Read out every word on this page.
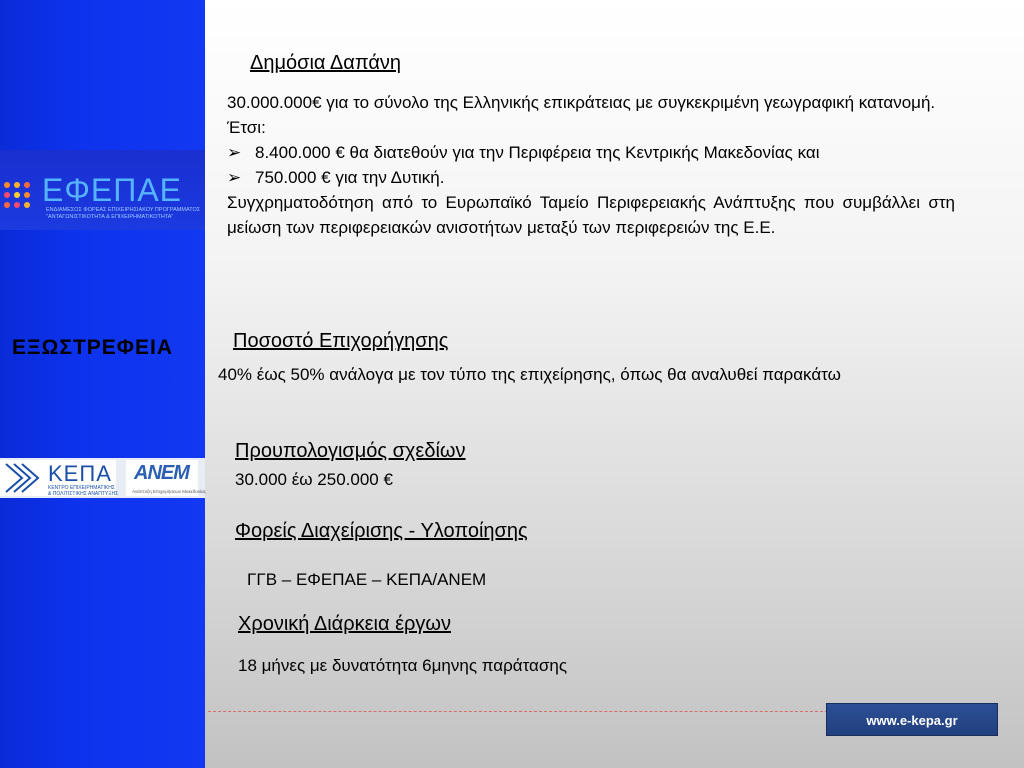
ΕΦΕΠΑΕ
ΕΝΔΙΑΜΕΣΟΣ ΦΟΡΕΑΣ ΕΠΙΧΕΙΡΗΣΙΑΚΟΥ ΠΡΟΓΡΑΜΜΑΤΟΣ
"ΑΝΤΑΓΩΝΙΣΤΙΚΟΤΗΤΑ & ΕΠΙΧΕΙΡΗΜΑΤΙΚΟΤΗΤΑ"
ΕΞΩΣΤΡΕΦΕΙΑ
ΚΕΠΑ
ΚΕΝΤΡΟ ΕΠΙΧΕΙΡΗΜΑΤΙΚΗΣ
& ΠΟΛΙΤΙΣΤΙΚΗΣ ΑΝΑΠΤΥΞΗΣ
ΑΝΕΜ
Ανάπτυξη Επιχειρήσεων Μακεδονίας
Δημόσια Δαπάνη
30.000.000€ για το σύνολο της Ελληνικής επικράτειας με συγκεκριμένη γεωγραφική κατανομή.
Έτσι:
➢ 8.400.000 € θα διατεθούν για την Περιφέρεια της Κεντρικής Μακεδονίας και
➢ 750.000 € για την Δυτική.
Συγχρηματοδότηση από το Ευρωπαϊκό Ταμείο Περιφερειακής Ανάπτυξης που συμβάλλει στη μείωση των περιφερειακών ανισοτήτων μεταξύ των περιφερειών της Ε.Ε.
Ποσοστό Επιχορήγησης
40% έως 50% ανάλογα με τον τύπο της επιχείρησης, όπως θα αναλυθεί παρακάτω
Προυπολογισμός σχεδίων
30.000 έω 250.000 €
Φορείς Διαχείρισης - Υλοποίησης
ΓΓΒ – ΕΦΕΠΑΕ – ΚΕΠΑ/ΑΝΕΜ
Χρονική Διάρκεια έργων
18 μήνες με δυνατότητα 6μηνης παράτασης
www.e-kepa.gr
